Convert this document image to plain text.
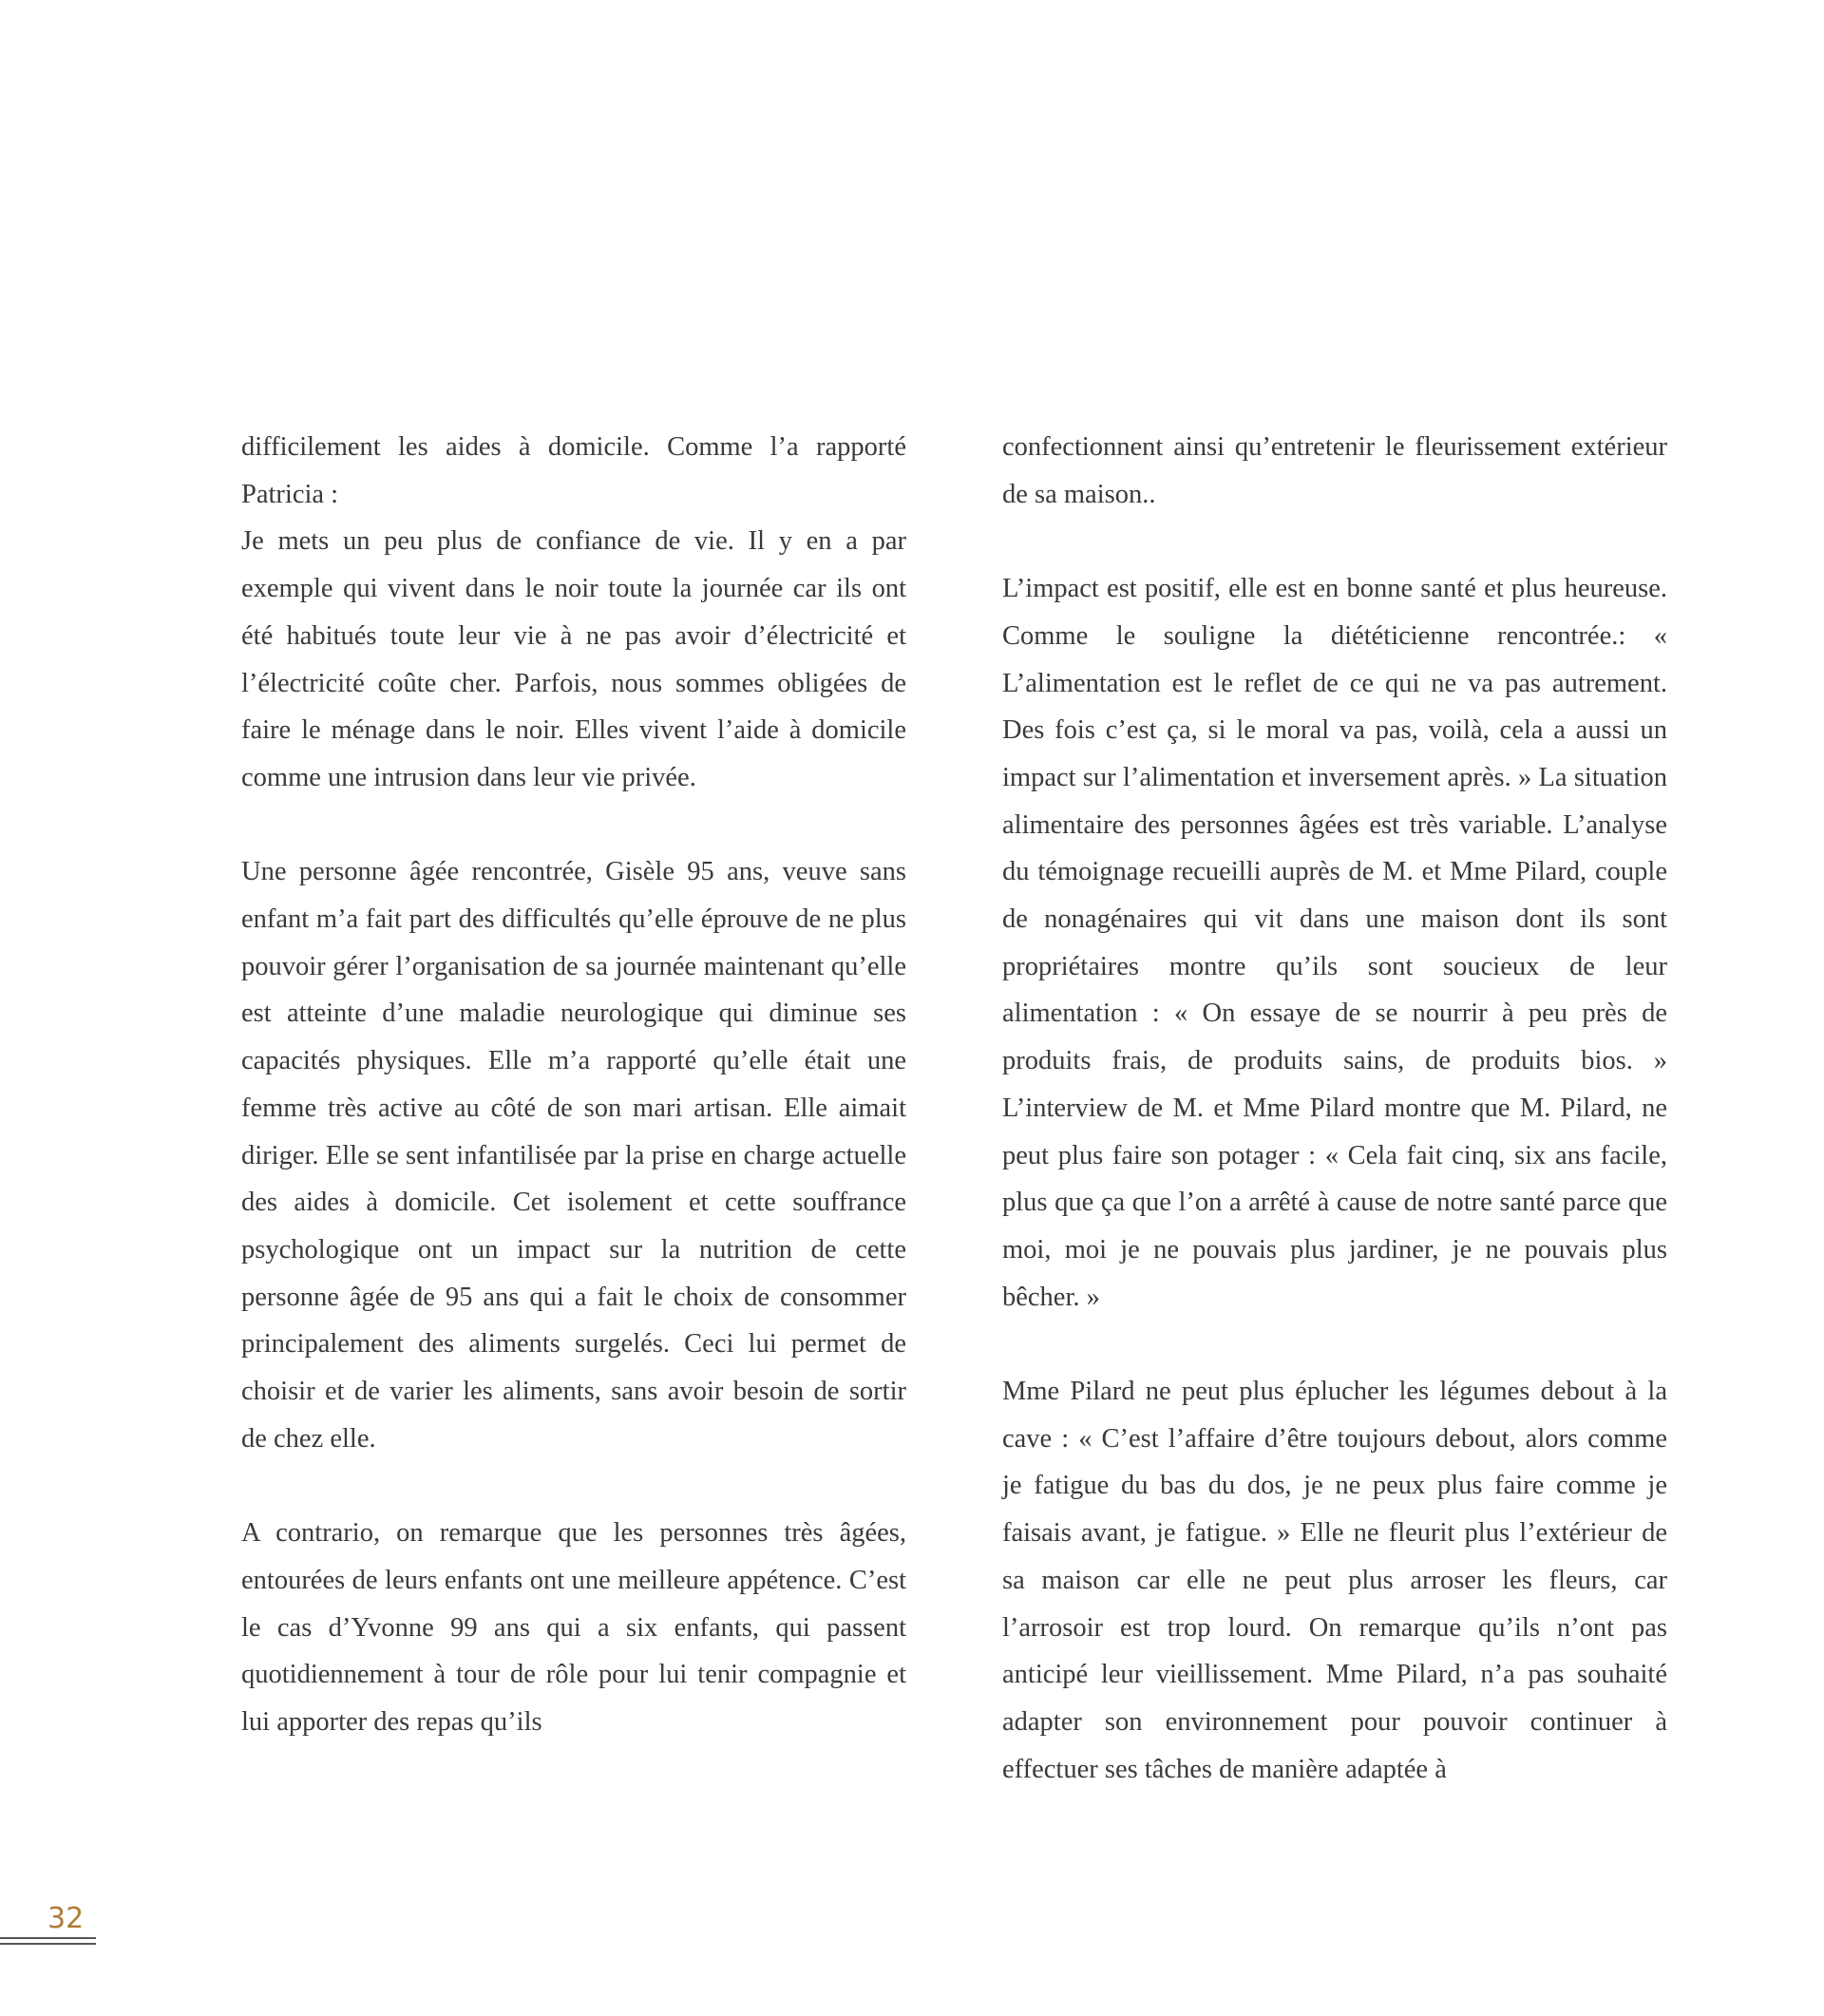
difficilement les aides à domicile. Comme l’a rapporté Patricia :

Je mets un peu plus de confiance de vie. Il y en a par exemple qui vivent dans le noir toute la journée car ils ont été habitués toute leur vie à ne pas avoir d’électricité et l’électricité coûte cher. Parfois, nous sommes obligées de faire le ménage dans le noir. Elles vivent l’aide à domicile comme une intrusion dans leur vie privée.

Une personne âgée rencontrée, Gisèle 95 ans, veuve sans enfant m’a fait part des difficultés qu’elle éprouve de ne plus pouvoir gérer l’organisation de sa journée maintenant qu’elle est atteinte d’une maladie neurologique qui diminue ses capacités physiques. Elle m’a rapporté qu’elle était une femme très active au côté de son mari artisan. Elle aimait diriger. Elle se sent infantilisée par la prise en charge actuelle des aides à domicile. Cet isolement et cette souffrance psychologique ont un impact sur la nutrition de cette personne âgée de 95 ans qui a fait le choix de consommer principalement des aliments surgelés. Ceci lui permet de choisir et de varier les aliments, sans avoir besoin de sortir de chez elle.

A contrario, on remarque que les personnes très âgées, entourées de leurs enfants ont une meilleure appétence. C’est le cas d’Yvonne 99 ans qui a six enfants, qui passent quotidiennement à tour de rôle pour lui tenir compagnie et lui apporter des repas qu’ils

confectionnent ainsi qu’entretenir le fleurissement extérieur de sa maison..

L’impact est positif, elle est en bonne santé et plus heureuse. Comme le souligne la diététicienne rencontrée.: « L’alimentation est le reflet de ce qui ne va pas autrement. Des fois c’est ça, si le moral va pas, voilà, cela a aussi un impact sur l’alimentation et inversement après. » La situation alimentaire des personnes âgées est très variable. L’analyse du témoignage recueilli auprès de M. et Mme Pilard, couple de nonagénaires qui vit dans une maison dont ils sont propriétaires montre qu’ils sont soucieux de leur alimentation : « On essaye de se nourrir à peu près de produits frais, de produits sains, de produits bios. » L’interview de M. et Mme Pilard montre que M. Pilard, ne peut plus faire son potager : « Cela fait cinq, six ans facile, plus que ça que l’on a arrêté à cause de notre santé parce que moi, moi je ne pouvais plus jardiner, je ne pouvais plus bêcher. »

Mme Pilard ne peut plus éplucher les légumes debout à la cave : « C’est l’affaire d’être toujours debout, alors comme je fatigue du bas du dos, je ne peux plus faire comme je faisais avant, je fatigue. » Elle ne fleurit plus l’extérieur de sa maison car elle ne peut plus arroser les fleurs, car l’arrosoir est trop lourd. On remarque qu’ils n’ont pas anticipé leur vieillissement. Mme Pilard, n’a pas souhaité adapter son environnement pour pouvoir continuer à effectuer ses tâches de manière adaptée à

32
